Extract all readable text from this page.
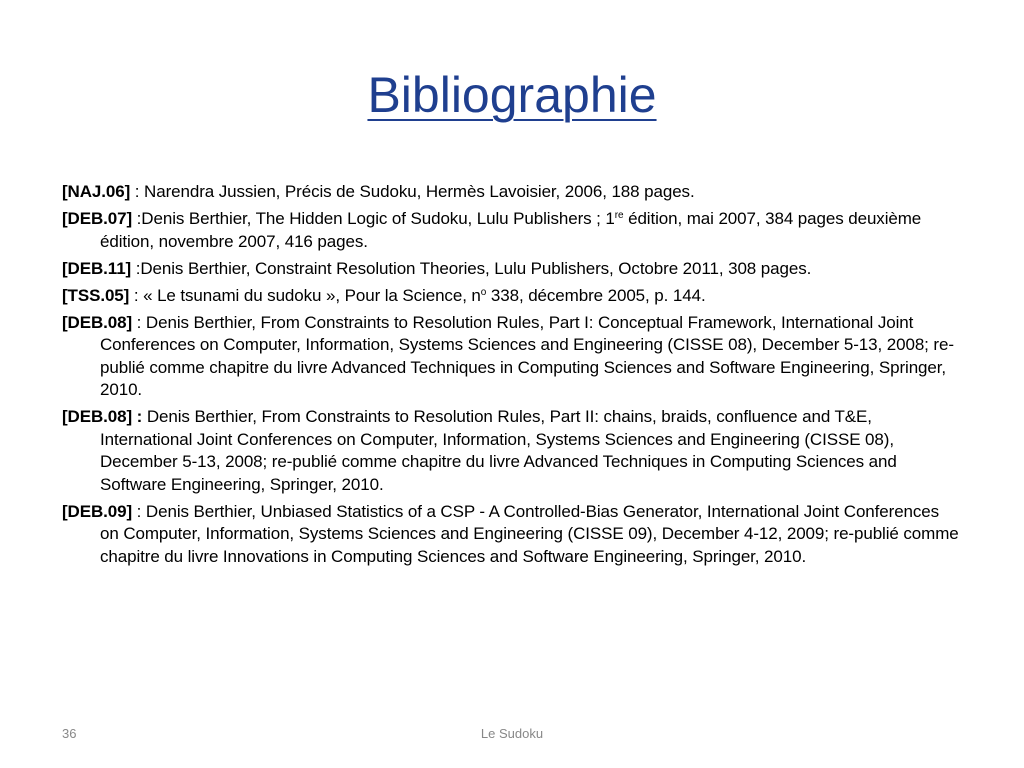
Bibliographie
[NAJ.06] : Narendra Jussien, Précis de Sudoku, Hermès Lavoisier, 2006, 188 pages.
[DEB.07] :Denis Berthier, The Hidden Logic of Sudoku, Lulu Publishers ; 1re édition, mai 2007, 384 pages deuxième édition, novembre 2007, 416 pages.
[DEB.11] :Denis Berthier, Constraint Resolution Theories, Lulu Publishers, Octobre 2011, 308 pages.
[TSS.05] : « Le tsunami du sudoku », Pour la Science, $n^o$ 338, décembre 2005, p. 144.
[DEB.08] : Denis Berthier, From Constraints to Resolution Rules, Part I: Conceptual Framework, International Joint Conferences on Computer, Information, Systems Sciences and Engineering (CISSE 08), December 5-13, 2008; re-publié comme chapitre du livre Advanced Techniques in Computing Sciences and Software Engineering, Springer, 2010.
[DEB.08] : Denis Berthier, From Constraints to Resolution Rules, Part II: chains, braids, confluence and T&E, International Joint Conferences on Computer, Information, Systems Sciences and Engineering (CISSE 08), December 5-13, 2008; re-publié comme chapitre du livre Advanced Techniques in Computing Sciences and Software Engineering, Springer, 2010.
[DEB.09] : Denis Berthier, Unbiased Statistics of a CSP - A Controlled-Bias Generator, International Joint Conferences on Computer, Information, Systems Sciences and Engineering (CISSE 09), December 4-12, 2009; re-publié comme chapitre du livre Innovations in Computing Sciences and Software Engineering, Springer, 2010.
36	Le Sudoku
